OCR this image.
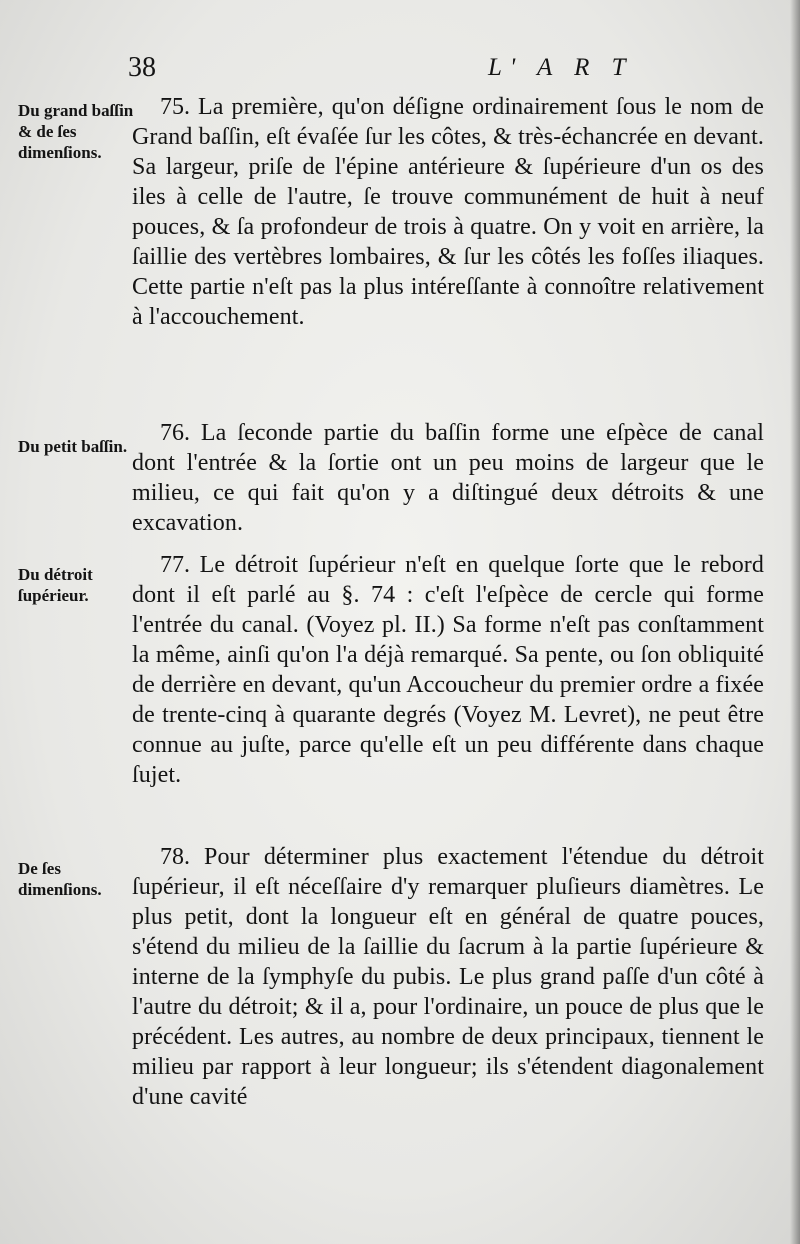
38	L' A R T
Du grand baſſin & de ſes dimenſions.
Du petit baſſin.
Du détroit ſupérieur.
De ſes dimenſions.
75. La première, qu'on déſigne ordinairement ſous le nom de Grand baſſin, eſt évaſée ſur les côtes, & très-échancrée en devant. Sa largeur, priſe de l'épine antérieure & ſupérieure d'un os des iles à celle de l'autre, ſe trouve communément de huit à neuf pouces, & ſa profondeur de trois à quatre. On y voit en arrière, la ſaillie des vertèbres lombaires, & ſur les côtés les foſſes iliaques. Cette partie n'eſt pas la plus intéreſſante à connoître relativement à l'accouchement.
76. La ſeconde partie du baſſin forme une eſpèce de canal dont l'entrée & la ſortie ont un peu moins de largeur que le milieu, ce qui fait qu'on y a diſtingué deux détroits & une excavation.
77. Le détroit ſupérieur n'eſt en quelque ſorte que le rebord dont il eſt parlé au §. 74 : c'eſt l'eſpèce de cercle qui forme l'entrée du canal. (Voyez pl. II.) Sa forme n'eſt pas conſtamment la même, ainſi qu'on l'a déjà remarqué. Sa pente, ou ſon obliquité de derrière en devant, qu'un Accoucheur du premier ordre a fixée de trente-cinq à quarante degrés (Voyez M. Levret), ne peut être connue au juſte, parce qu'elle eſt un peu différente dans chaque ſujet.
78. Pour déterminer plus exactement l'étendue du détroit ſupérieur, il eſt néceſſaire d'y remarquer pluſieurs diamètres. Le plus petit, dont la longueur eſt en général de quatre pouces, s'étend du milieu de la ſaillie du ſacrum à la partie ſupérieure & interne de la ſymphyſe du pubis. Le plus grand paſſe d'un côté à l'autre du détroit; & il a, pour l'ordinaire, un pouce de plus que le précédent. Les autres, au nombre de deux principaux, tiennent le milieu par rapport à leur longueur; ils s'étendent diagonalement d'une cavité
